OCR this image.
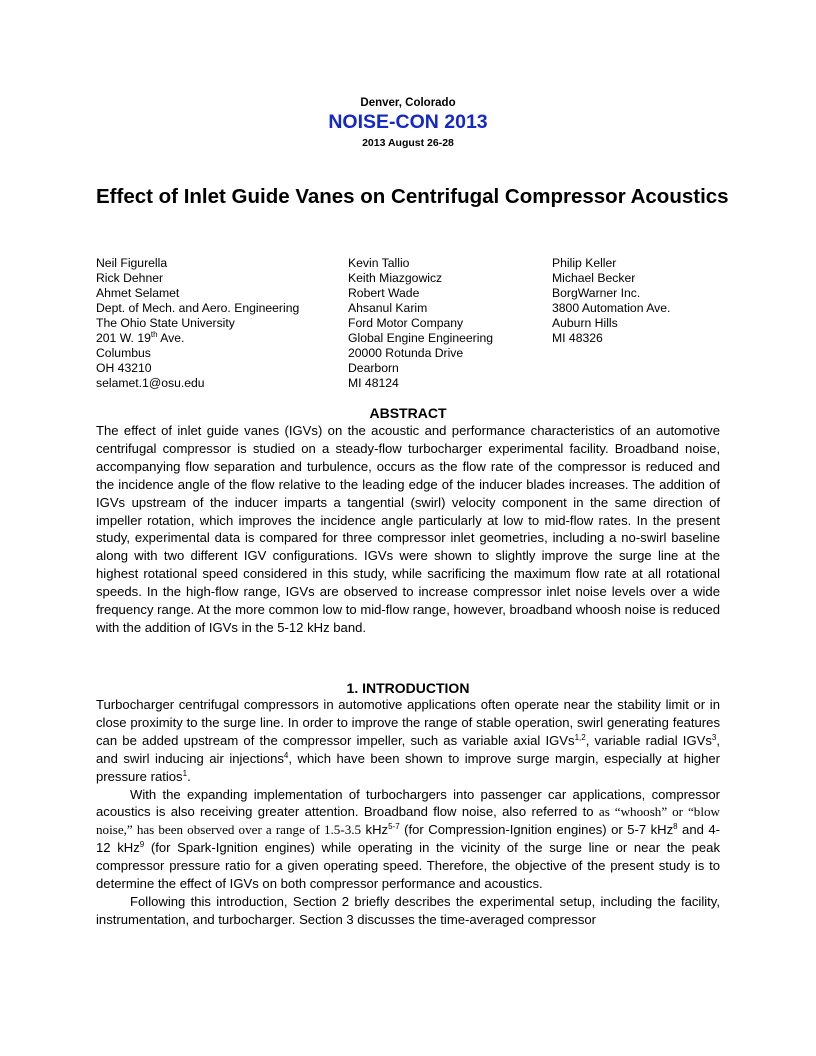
Denver, Colorado
NOISE-CON 2013
2013 August 26-28
Effect of Inlet Guide Vanes on Centrifugal Compressor Acoustics
Neil Figurella
Rick Dehner
Ahmet Selamet
Dept. of Mech. and Aero. Engineering
The Ohio State University
201 W. 19th Ave.
Columbus
OH 43210
selamet.1@osu.edu
Kevin Tallio
Keith Miazgowicz
Robert Wade
Ahsanul Karim
Ford Motor Company
Global Engine Engineering
20000 Rotunda Drive
Dearborn
MI 48124
Philip Keller
Michael Becker
BorgWarner Inc.
3800 Automation Ave.
Auburn Hills
MI 48326
ABSTRACT
The effect of inlet guide vanes (IGVs) on the acoustic and performance characteristics of an automotive centrifugal compressor is studied on a steady-flow turbocharger experimental facility. Broadband noise, accompanying flow separation and turbulence, occurs as the flow rate of the compressor is reduced and the incidence angle of the flow relative to the leading edge of the inducer blades increases. The addition of IGVs upstream of the inducer imparts a tangential (swirl) velocity component in the same direction of impeller rotation, which improves the incidence angle particularly at low to mid-flow rates. In the present study, experimental data is compared for three compressor inlet geometries, including a no-swirl baseline along with two different IGV configurations. IGVs were shown to slightly improve the surge line at the highest rotational speed considered in this study, while sacrificing the maximum flow rate at all rotational speeds. In the high-flow range, IGVs are observed to increase compressor inlet noise levels over a wide frequency range. At the more common low to mid-flow range, however, broadband whoosh noise is reduced with the addition of IGVs in the 5-12 kHz band.
1. INTRODUCTION

Turbocharger centrifugal compressors in automotive applications often operate near the stability limit or in close proximity to the surge line. In order to improve the range of stable operation, swirl generating features can be added upstream of the compressor impeller, such as variable axial IGVs$^{1,2}$, variable radial IGVs$^3$, and swirl inducing air injections$^4$, which have been shown to improve surge margin, especially at higher pressure ratios$^1$.

With the expanding implementation of turbochargers into passenger car applications, compressor acoustics is also receiving greater attention. Broadband flow noise, also referred to as “whoosh” or “blow noise,” has been observed over a range of 1.5-3.5 kHz$^{5-7}$ (for Compression-Ignition engines) or 5-7 kHz$^8$ and 4-12 kHz$^9$ (for Spark-Ignition engines) while operating in the vicinity of the surge line or near the peak compressor pressure ratio for a given operating speed. Therefore, the objective of the present study is to determine the effect of IGVs on both compressor performance and acoustics.

Following this introduction, Section 2 briefly describes the experimental setup, including the facility, instrumentation, and turbocharger. Section 3 discusses the time-averaged compressor
